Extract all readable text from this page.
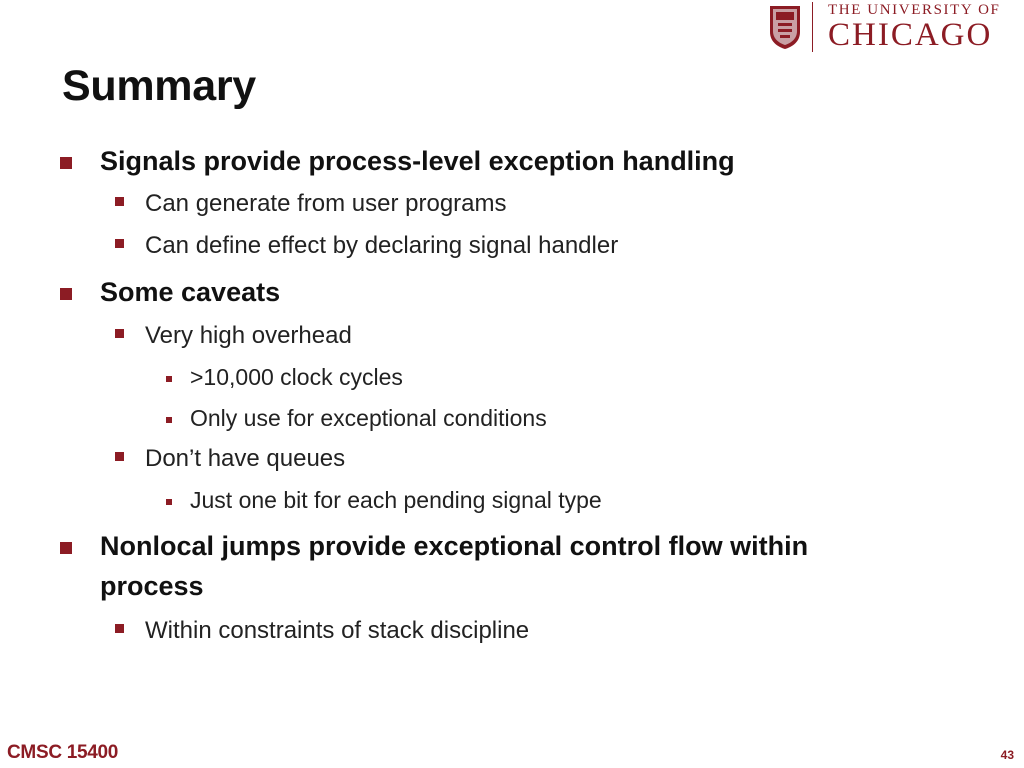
THE UNIVERSITY OF
CHICAGO
Summary
Signals provide process-level exception handling
Can generate from user programs
Can define effect by declaring signal handler
Some caveats
Very high overhead
>10,000 clock cycles
Only use for exceptional conditions
Don’t have queues
Just one bit for each pending signal type
Nonlocal jumps provide exceptional control flow within
process
Within constraints of stack discipline
CMSC 15400	43
